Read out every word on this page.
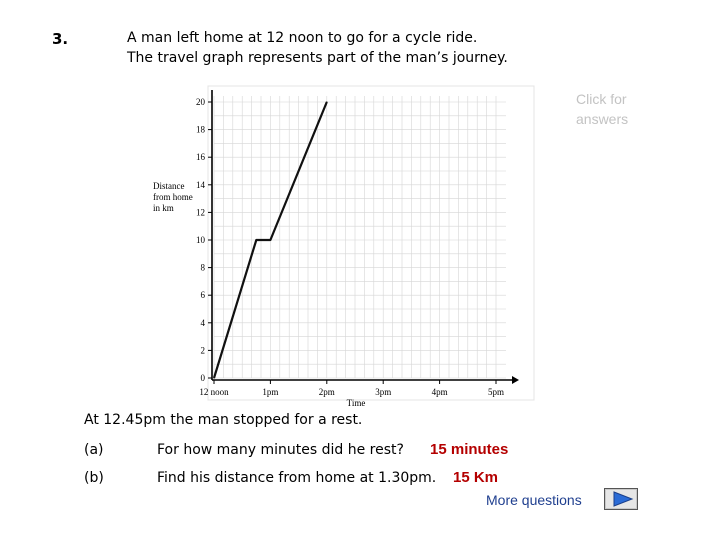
3.	A man left home at 12 noon to go for a cycle ride.
The travel graph represents part of the man’s journey.
Click for answers
0
2
4
6
8
10
12
14
16
18
20
12 noon	1pm	2pm	3pm	4pm	5pm
Time
Distance
from home
in km
At 12.45pm the man stopped for a rest.
(a)	For how many minutes did he rest? 15 minutes
(b)	Find his distance from home at 1.30pm. 15 Km
More questions
